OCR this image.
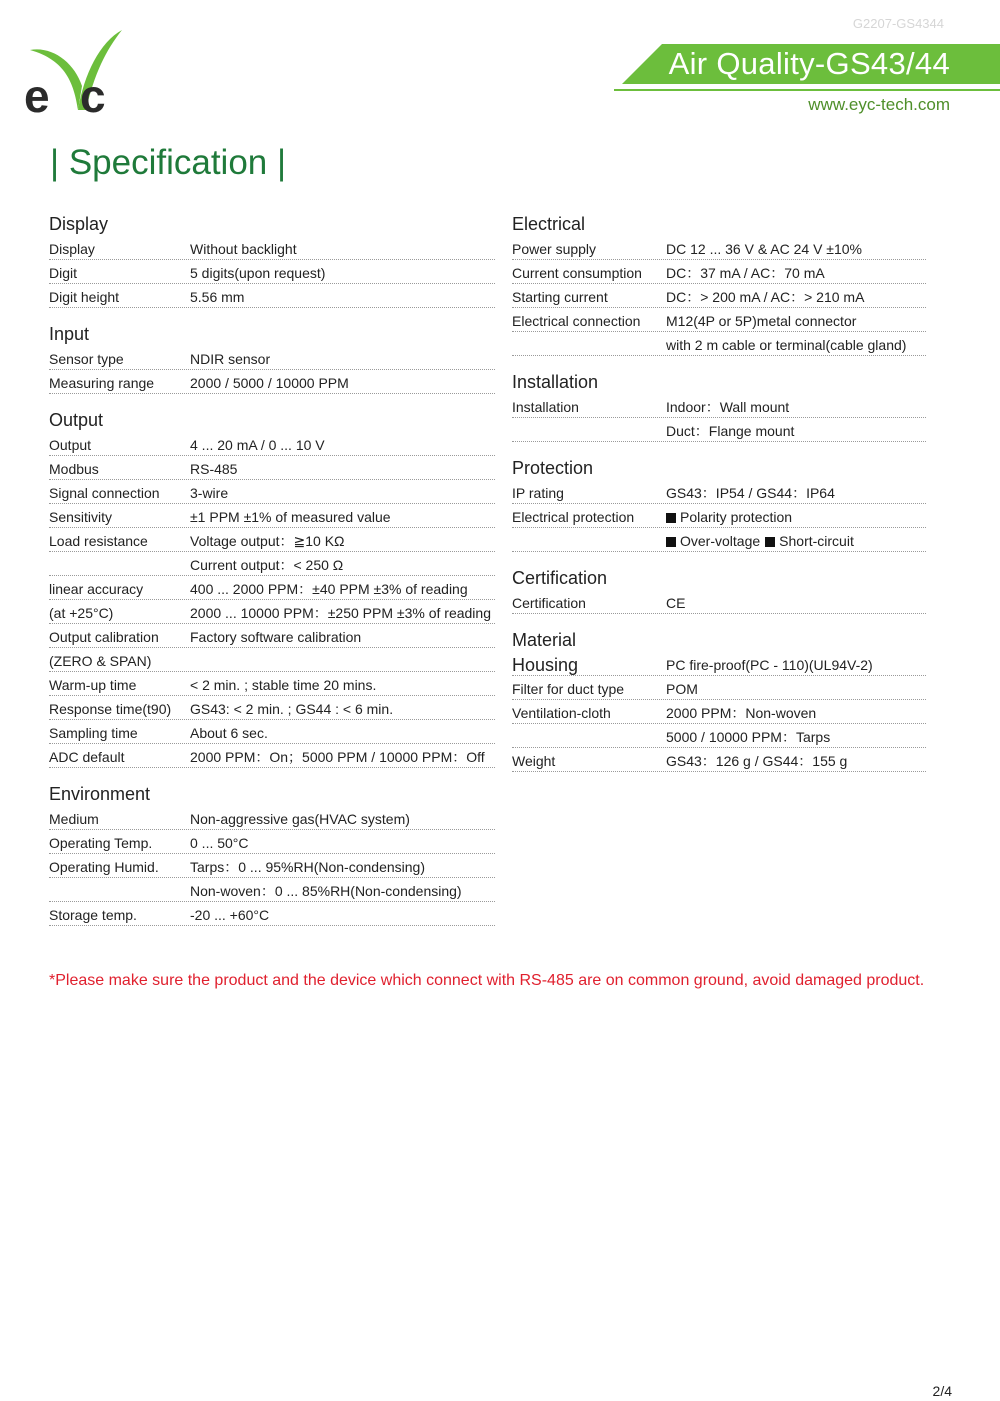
G2207-GS4344
e c
Air Quality-GS43/44
www.eyc-tech.com
| Specification |
Display
Display	Without backlight
Digit	5 digits(upon request)
Digit height	5.56 mm
Input
Sensor type	NDIR sensor
Measuring range	2000 / 5000 / 10000 PPM
Output
Output	4 ... 20 mA / 0 ... 10 V
Modbus	RS-485
Signal connection	3-wire
Sensitivity	±1 PPM ±1% of measured value
Load resistance	Voltage output：≧10 KΩ
Current output：< 250 Ω
linear accuracy	400 ... 2000 PPM：±40 PPM ±3% of reading
(at +25°C)	2000 ... 10000 PPM：±250 PPM ±3% of reading
Output calibration	Factory software calibration
(ZERO & SPAN)
Warm-up time	< 2 min. ; stable time 20 mins.
Response time(t90)	GS43: < 2 min. ; GS44 : < 6 min.
Sampling time	About 6 sec.
ADC default	2000 PPM：On；5000 PPM / 10000 PPM：Off
Environment
Medium	Non-aggressive gas(HVAC system)
Operating Temp.	0 ... 50°C
Operating Humid.	Tarps：0 ... 95%RH(Non-condensing)
Non-woven：0 ... 85%RH(Non-condensing)
Storage temp.	-20 ... +60°C
Electrical
Power supply	DC 12 ... 36 V & AC 24 V ±10%
Current consumption	DC：37 mA / AC：70 mA
Starting current	DC：> 200 mA / AC：> 210 mA
Electrical connection	M12(4P or 5P)metal connector
with 2 m cable or terminal(cable gland)
Installation
Installation	Indoor：Wall mount
Duct：Flange mount
Protection
IP rating	GS43：IP54 / GS44：IP64
Electrical protection	Polarity protection
Over-voltage Short-circuit
Certification
Certification	CE
Material
Housing	PC fire-proof(PC - 110)(UL94V-2)
Filter for duct type	POM
Ventilation-cloth	2000 PPM：Non-woven
5000 / 10000 PPM：Tarps
Weight	GS43：126 g / GS44：155 g
*Please make sure the product and the device which connect with RS-485 are on common ground, avoid damaged product.
2/4
